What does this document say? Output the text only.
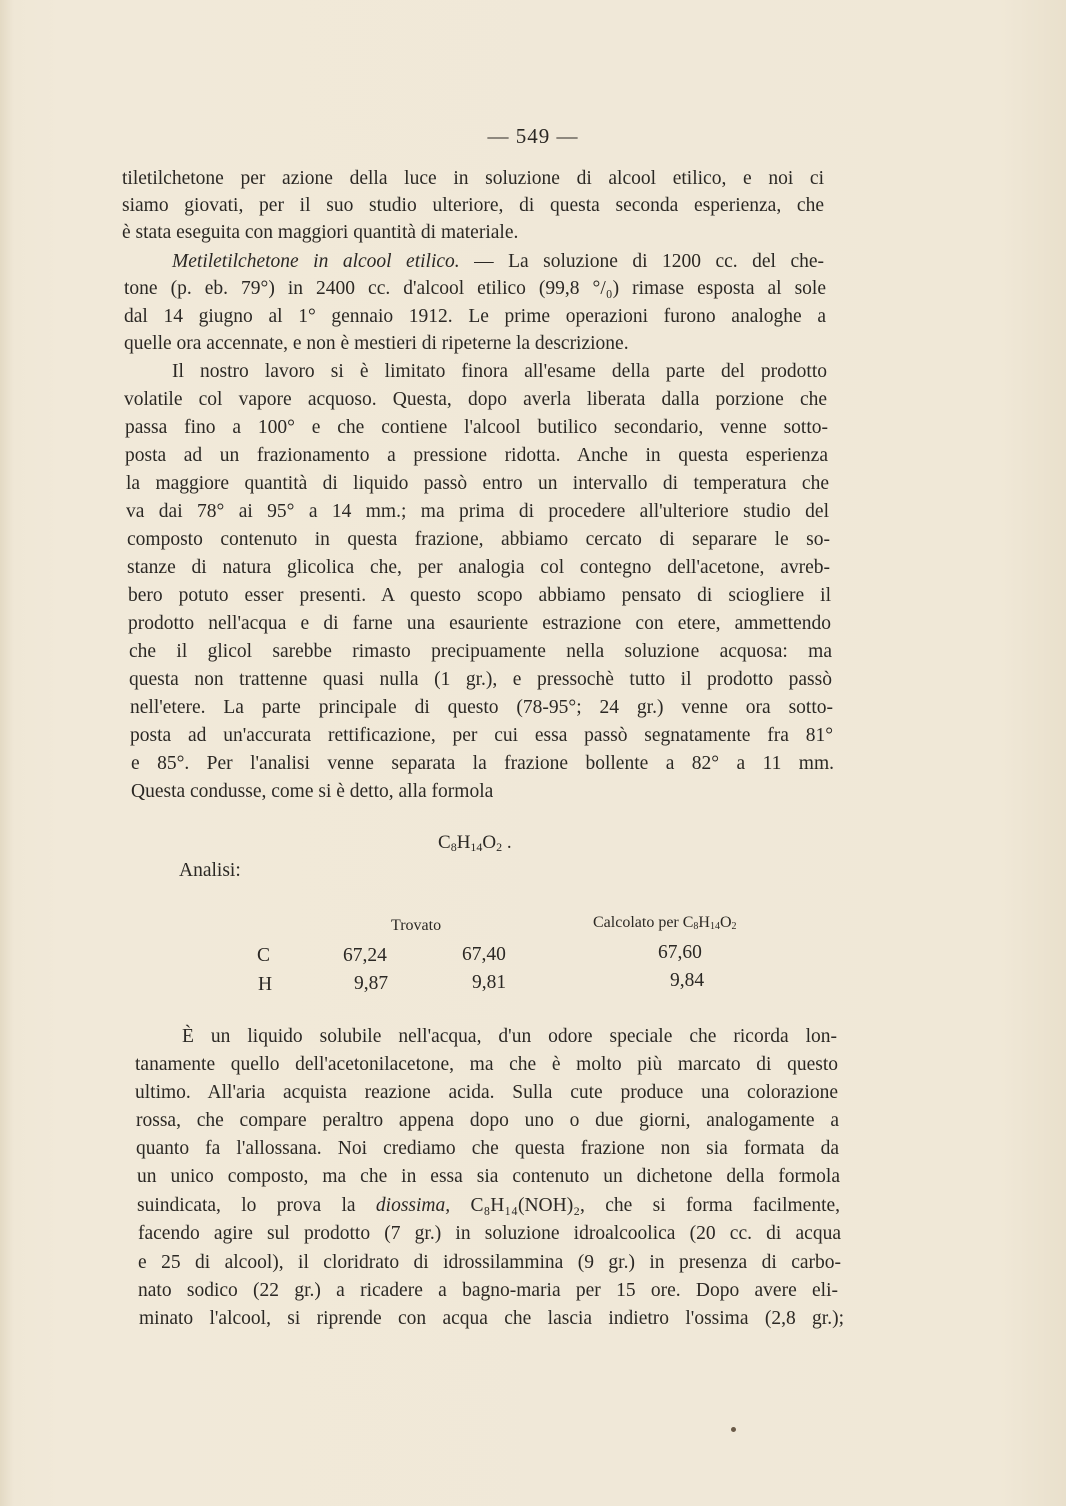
— 549 —
tiletilchetone per azione della luce in soluzione di alcool etilico, e noi ci
siamo giovati, per il suo studio ulteriore, di questa seconda esperienza, che
è stata eseguita con maggiori quantità di materiale.
Metiletilchetone in alcool etilico. — La soluzione di 1200 cc. del che-
tone (p. eb. 79°) in 2400 cc. d'alcool etilico (99,8 °/₀) rimase esposta al sole
dal 14 giugno al 1° gennaio 1912. Le prime operazioni furono analoghe a
quelle ora accennate, e non è mestieri di ripeterne la descrizione.
Il nostro lavoro si è limitato finora all'esame della parte del prodotto
volatile col vapore acquoso. Questa, dopo averla liberata dalla porzione che
passa fino a 100° e che contiene l'alcool butilico secondario, venne sotto-
posta ad un frazionamento a pressione ridotta. Anche in questa esperienza
la maggiore quantità di liquido passò entro un intervallo di temperatura che
va dai 78° ai 95° a 14 mm.; ma prima di procedere all'ulteriore studio del
composto contenuto in questa frazione, abbiamo cercato di separare le so-
stanze di natura glicolica che, per analogia col contegno dell'acetone, avreb-
bero potuto esser presenti. A questo scopo abbiamo pensato di sciogliere il
prodotto nell'acqua e di farne una esauriente estrazione con etere, ammettendo
che il glicol sarebbe rimasto precipuamente nella soluzione acquosa: ma
questa non trattenne quasi nulla (1 gr.), e pressochè tutto il prodotto passò
nell'etere. La parte principale di questo (78-95°; 24 gr.) venne ora sotto-
posta ad un'accurata rettificazione, per cui essa passò segnatamente fra 81°
e 85°. Per l'analisi venne separata la frazione bollente a 82° a 11 mm.
Questa condusse, come si è detto, alla formola
$C_8H_{14}O_2$ .
Analisi:
Trovato	Calcolato per $C_8H_{14}O_2$
C	67,24	67,40	67,60
H	9,87	9,81	9,84
È un liquido solubile nell'acqua, d'un odore speciale che ricorda lon-
tanamente quello dell'acetonilacetone, ma che è molto più marcato di questo
ultimo. All'aria acquista reazione acida. Sulla cute produce una colorazione
rossa, che compare peraltro appena dopo uno o due giorni, analogamente a
quanto fa l'allossana. Noi crediamo che questa frazione non sia formata da
un unico composto, ma che in essa sia contenuto un dichetone della formola
suindicata, lo prova la diossima, C₈H₁₄(NOH)₂, che si forma facilmente,
facendo agire sul prodotto (7 gr.) in soluzione idroalcoolica (20 cc. di acqua
e 25 di alcool), il cloridrato di idrossilammina (9 gr.) in presenza di carbo-
nato sodico (22 gr.) a ricadere a bagno-maria per 15 ore. Dopo avere eli-
minato l'alcool, si riprende con acqua che lascia indietro l'ossima (2,8 gr.);
